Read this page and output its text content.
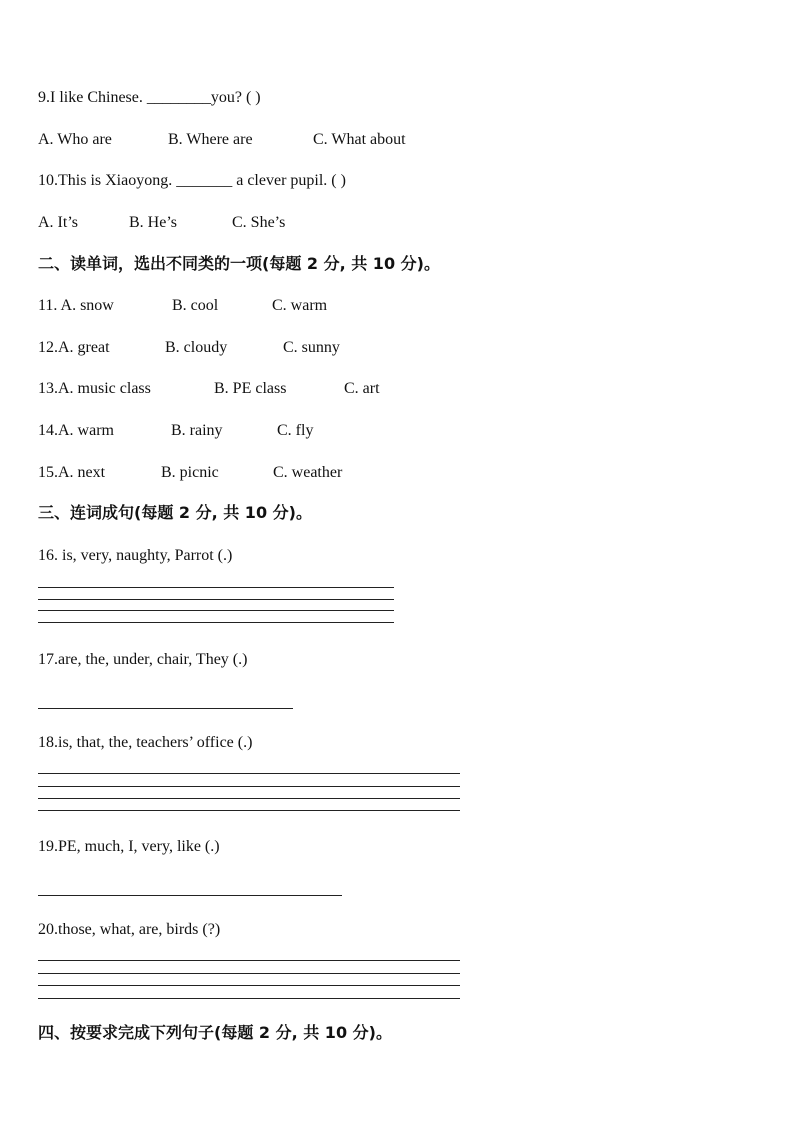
9.I like Chinese. ________you? ( )
A. Who are	B. Where are	C. What about
10.This is Xiaoyong. _______ a clever pupil. ( )
A. It’s	B. He’s	C. She’s
二、读单词，选出不同类的一项(每题 2 分, 共 10 分)。
11. A. snow	B. cool	C. warm
12.A. great	B. cloudy	C. sunny
13.A. music class	B. PE class	C. art
14.A. warm	B. rainy	C. fly
15.A. next	B. picnic	C. weather
三、连词成句(每题 2 分, 共 10 分)。
16. is, very, naughty, Parrot (.)
17.are, the, under, chair, They (.)
18.is, that, the, teachers’ office (.)
19.PE, much, I, very, like (.)
20.those, what, are, birds (?)
四、按要求完成下列句子(每题 2 分, 共 10 分)。
